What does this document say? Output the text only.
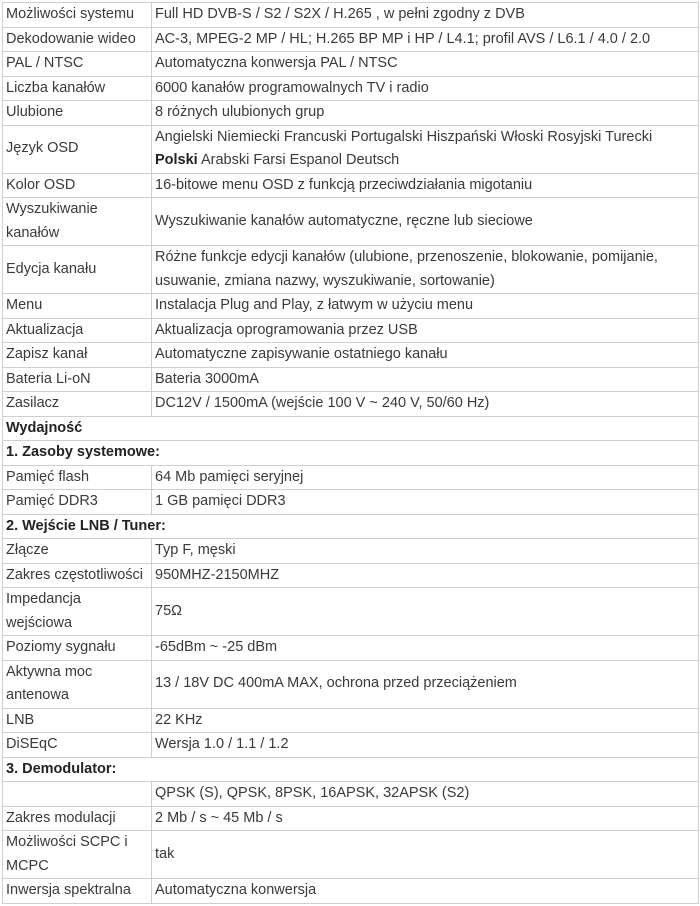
Możliwości systemu	Full HD DVB-S / S2 / S2X / H.265 , w pełni zgodny z DVB
Dekodowanie wideo	AC-3, MPEG-2 MP / HL; H.265 BP MP i HP / L4.1; profil AVS / L6.1 / 4.0 / 2.0
PAL / NTSC	Automatyczna konwersja PAL / NTSC
Liczba kanałów	6000 kanałów programowalnych TV i radio
Ulubione	8 różnych ulubionych grup
Język OSD	Angielski Niemiecki Francuski Portugalski Hiszpański Włoski Rosyjski Turecki Polski Arabski Farsi Espanol Deutsch
Kolor OSD	16-bitowe menu OSD z funkcją przeciwdziałania migotaniu
Wyszukiwanie kanałów	Wyszukiwanie kanałów automatyczne, ręczne lub sieciowe
Edycja kanału	Różne funkcje edycji kanałów (ulubione, przenoszenie, blokowanie, pomijanie, usuwanie, zmiana nazwy, wyszukiwanie, sortowanie)
Menu	Instalacja Plug and Play, z łatwym w użyciu menu
Aktualizacja	Aktualizacja oprogramowania przez USB
Zapisz kanał	Automatyczne zapisywanie ostatniego kanału
Bateria Li-oN	Bateria 3000mA
Zasilacz	DC12V / 1500mA (wejście 100 V ~ 240 V, 50/60 Hz)
Wydajność	
1. Zasoby systemowe:	
Pamięć flash	64 Mb pamięci seryjnej
Pamięć DDR3	1 GB pamięci DDR3
2. Wejście LNB / Tuner:	
Złącze	Typ F, męski
Zakres częstotliwości	950MHZ-2150MHZ
Impedancja wejściowa	75Ω
Poziomy sygnału	-65dBm ~ -25 dBm
Aktywna moc antenowa	13 / 18V DC 400mA MAX, ochrona przed przeciążeniem
LNB	22 KHz
DiSEqC	Wersja 1.0 / 1.1 / 1.2
3. Demodulator:	
	QPSK (S), QPSK, 8PSK, 16APSK, 32APSK (S2)
Zakres modulacji	2 Mb / s ~ 45 Mb / s
Możliwości SCPC i MCPC	tak
Inwersja spektralna	Automatyczna konwersja
